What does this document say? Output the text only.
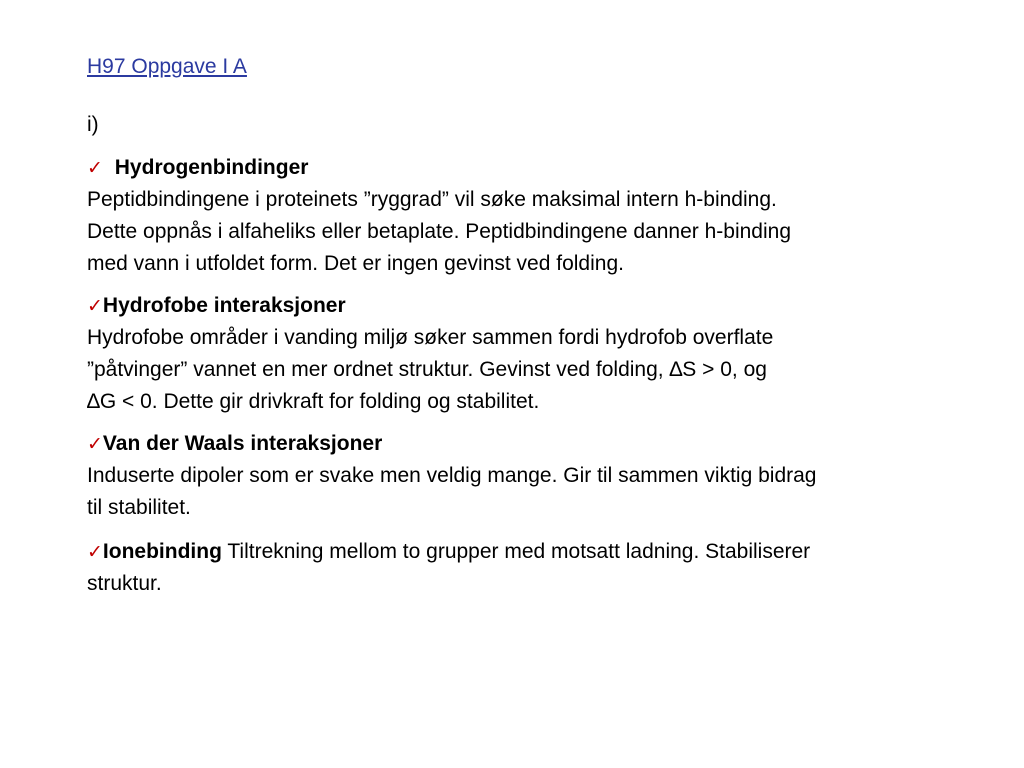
H97 Oppgave I A
i)
✓ Hydrogenbindinger
Peptidbindingene i proteinets ”ryggrad” vil søke maksimal intern h-binding.
Dette oppnås i alfaheliks eller betaplate. Peptidbindingene danner h-binding
med vann i utfoldet form. Det er ingen gevinst ved folding.
✓Hydrofobe interaksjoner
Hydrofobe områder i vanding miljø søker sammen fordi hydrofob overflate
”påtvinger” vannet en mer ordnet struktur. Gevinst ved folding, ∆S > 0, og
∆G < 0. Dette gir drivkraft for folding og stabilitet.
✓Van der Waals interaksjoner
Induserte dipoler som er svake men veldig mange. Gir til sammen viktig bidrag
til stabilitet.
✓Ionebinding Tiltrekning mellom to grupper med motsatt ladning. Stabiliserer
struktur.
